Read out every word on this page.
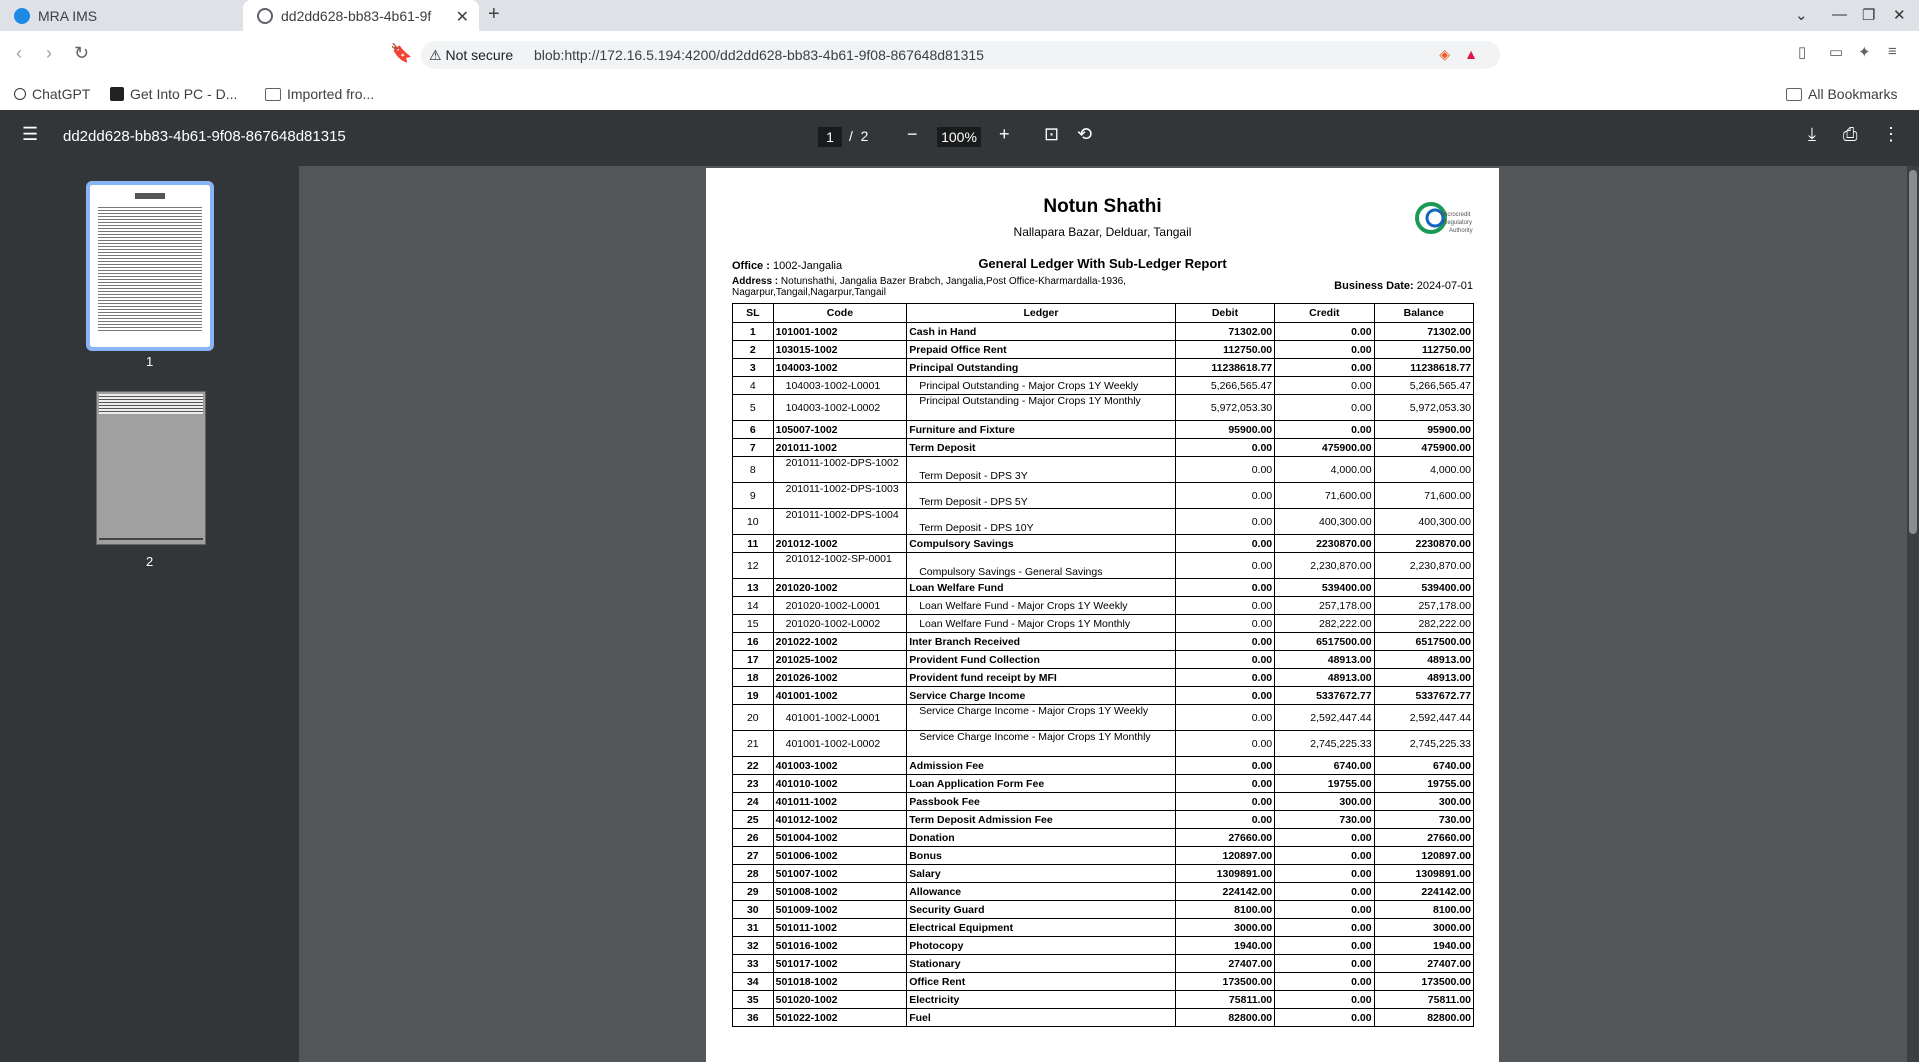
MRA IMS	dd2dd628-bb83-4b61-9f ✕ +	⌄ — ❐ ✕
‹ › ↻	🔖	▯ ▭ ✦ ≡
⚠ Not secure blob:http://172.16.5.194:4200/dd2dd628-bb83-4b61-9f08-867648d81315	◈ ▲
ChatGPT	Get Into PC - D...	Imported fro...	All Bookmarks
☰ dd2dd628-bb83-4b61-9f08-867648d81315	1	/  2 − 100% + ⊡ ⟲	⤓ ⎙ ⋮
1
2
Notun Shathi
Nallapara Bazar, Delduar, Tangail
Microcredit
Regulatory
Authority
General Ledger With Sub-Ledger Report
Office : 1002-Jangalia
Address : Notunshathi, Jangalia Bazer Brabch, Jangalia,Post Office-Kharmardalla-1936, Nagarpur,Tangail,Nagarpur,Tangail
Business Date: 2024-07-01
SL	Code	Ledger	Debit	Credit	Balance
1	101001-1002	Cash in Hand	71302.00	0.00	71302.00
2	103015-1002	Prepaid Office Rent	112750.00	0.00	112750.00
3	104003-1002	Principal Outstanding	11238618.77	0.00	11238618.77
4	104003-1002-L0001	Principal Outstanding - Major Crops 1Y Weekly	5,266,565.47	0.00	5,266,565.47
5	104003-1002-L0002	Principal Outstanding - Major Crops 1Y Monthly	5,972,053.30	0.00	5,972,053.30
6	105007-1002	Furniture and Fixture	95900.00	0.00	95900.00
7	201011-1002	Term Deposit	0.00	475900.00	475900.00
8	201011-1002-DPS-1002	Term Deposit - DPS 3Y	0.00	4,000.00	4,000.00
9	201011-1002-DPS-1003	Term Deposit - DPS 5Y	0.00	71,600.00	71,600.00
10	201011-1002-DPS-1004	Term Deposit - DPS 10Y	0.00	400,300.00	400,300.00
11	201012-1002	Compulsory Savings	0.00	2230870.00	2230870.00
12	201012-1002-SP-0001	Compulsory Savings - General Savings	0.00	2,230,870.00	2,230,870.00
13	201020-1002	Loan Welfare Fund	0.00	539400.00	539400.00
14	201020-1002-L0001	Loan Welfare Fund - Major Crops 1Y Weekly	0.00	257,178.00	257,178.00
15	201020-1002-L0002	Loan Welfare Fund - Major Crops 1Y Monthly	0.00	282,222.00	282,222.00
16	201022-1002	Inter Branch Received	0.00	6517500.00	6517500.00
17	201025-1002	Provident Fund Collection	0.00	48913.00	48913.00
18	201026-1002	Provident fund receipt by MFI	0.00	48913.00	48913.00
19	401001-1002	Service Charge Income	0.00	5337672.77	5337672.77
20	401001-1002-L0001	Service Charge Income - Major Crops 1Y Weekly	0.00	2,592,447.44	2,592,447.44
21	401001-1002-L0002	Service Charge Income - Major Crops 1Y Monthly	0.00	2,745,225.33	2,745,225.33
22	401003-1002	Admission Fee	0.00	6740.00	6740.00
23	401010-1002	Loan Application Form Fee	0.00	19755.00	19755.00
24	401011-1002	Passbook Fee	0.00	300.00	300.00
25	401012-1002	Term Deposit Admission Fee	0.00	730.00	730.00
26	501004-1002	Donation	27660.00	0.00	27660.00
27	501006-1002	Bonus	120897.00	0.00	120897.00
28	501007-1002	Salary	1309891.00	0.00	1309891.00
29	501008-1002	Allowance	224142.00	0.00	224142.00
30	501009-1002	Security Guard	8100.00	0.00	8100.00
31	501011-1002	Electrical Equipment	3000.00	0.00	3000.00
32	501016-1002	Photocopy	1940.00	0.00	1940.00
33	501017-1002	Stationary	27407.00	0.00	27407.00
34	501018-1002	Office Rent	173500.00	0.00	173500.00
35	501020-1002	Electricity	75811.00	0.00	75811.00
36	501022-1002	Fuel	82800.00	0.00	82800.00
